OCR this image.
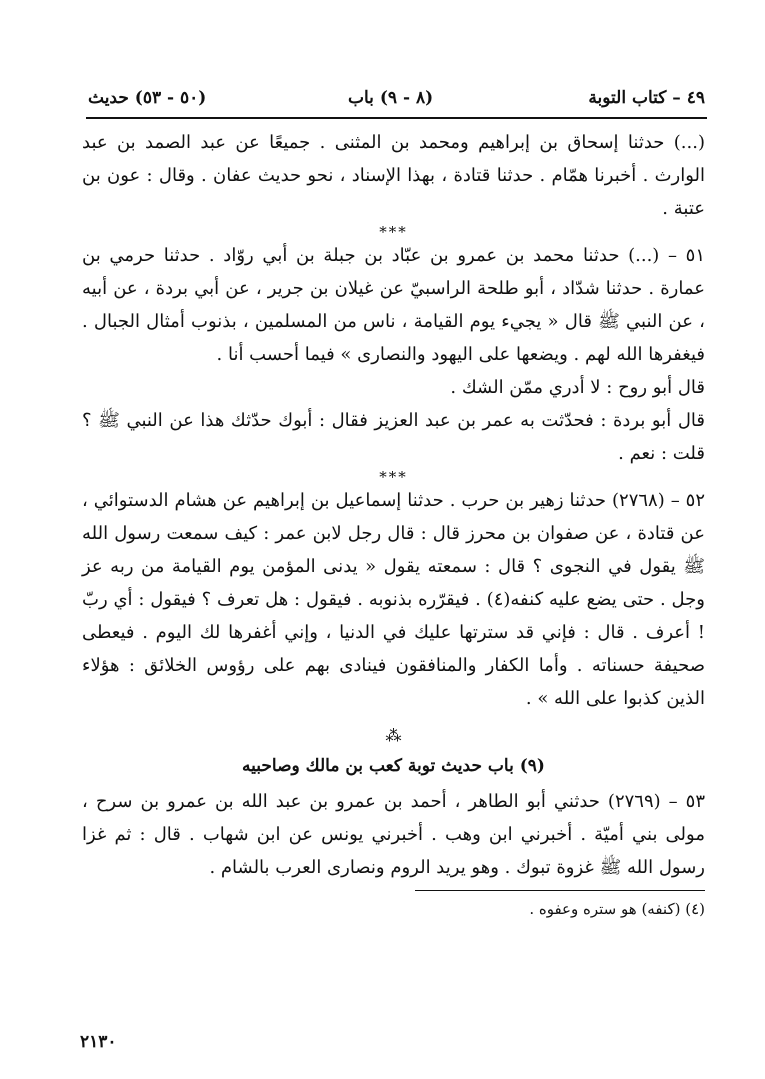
٤٩ – كتاب التوبة
(٨ - ٩) باب
(٥٠ - ٥٣) حديث

(...) حدثنا إسحاق بن إبراهيم ومحمد بن المثنى . جميعًا عن عبد الصمد بن عبد الوارث . أخبرنا همّام . حدثنا قتادة ، بهذا الإسناد ، نحو حديث عفان . وقال : عون بن عتبة .

***

٥١ – (...) حدثنا محمد بن عمرو بن عبّاد بن جبلة بن أبي روّاد . حدثنا حرمي بن عمارة . حدثنا شدّاد ، أبو طلحة الراسبيّ عن غيلان بن جرير ، عن أبي بردة ، عن أبيه ، عن النبي ﷺ قال « يجيء يوم القيامة ، ناس من المسلمين ، بذنوب أمثال الجبال . فيغفرها الله لهم . ويضعها على اليهود والنصارى » فيما أحسب أنا .

قال أبو روح : لا أدري ممّن الشك .

قال أبو بردة : فحدّثت به عمر بن عبد العزيز فقال : أبوك حدّثك هذا عن النبي ﷺ ؟ قلت : نعم .

***

٥٢ – (٢٧٦٨) حدثنا زهير بن حرب . حدثنا إسماعيل بن إبراهيم عن هشام الدستوائي ، عن قتادة ، عن صفوان بن محرز قال : قال رجل لابن عمر : كيف سمعت رسول الله ﷺ يقول في النجوى ؟ قال : سمعته يقول « يدنى المؤمن يوم القيامة من ربه عز وجل . حتى يضع عليه كنفه(٤) . فيقرّره بذنوبه . فيقول : هل تعرف ؟ فيقول : أي ربّ ! أعرف . قال : فإني قد سترتها عليك في الدنيا ، وإني أغفرها لك اليوم . فيعطى صحيفة حسناته . وأما الكفار والمنافقون فينادى بهم على رؤوس الخلائق : هؤلاء الذين كذبوا على الله » .

⁂

(٩) باب حديث توبة كعب بن مالك وصاحبيه

٥٣ – (٢٧٦٩) حدثني أبو الطاهر ، أحمد بن عمرو بن عبد الله بن عمرو بن سرح ، مولى بني أميّة . أخبرني ابن وهب . أخبرني يونس عن ابن شهاب . قال : ثم غزا رسول الله ﷺ غزوة تبوك . وهو يريد الروم ونصارى العرب بالشام .

(٤) (كنفه) هو ستره وعفوه .

٢١٣٠
